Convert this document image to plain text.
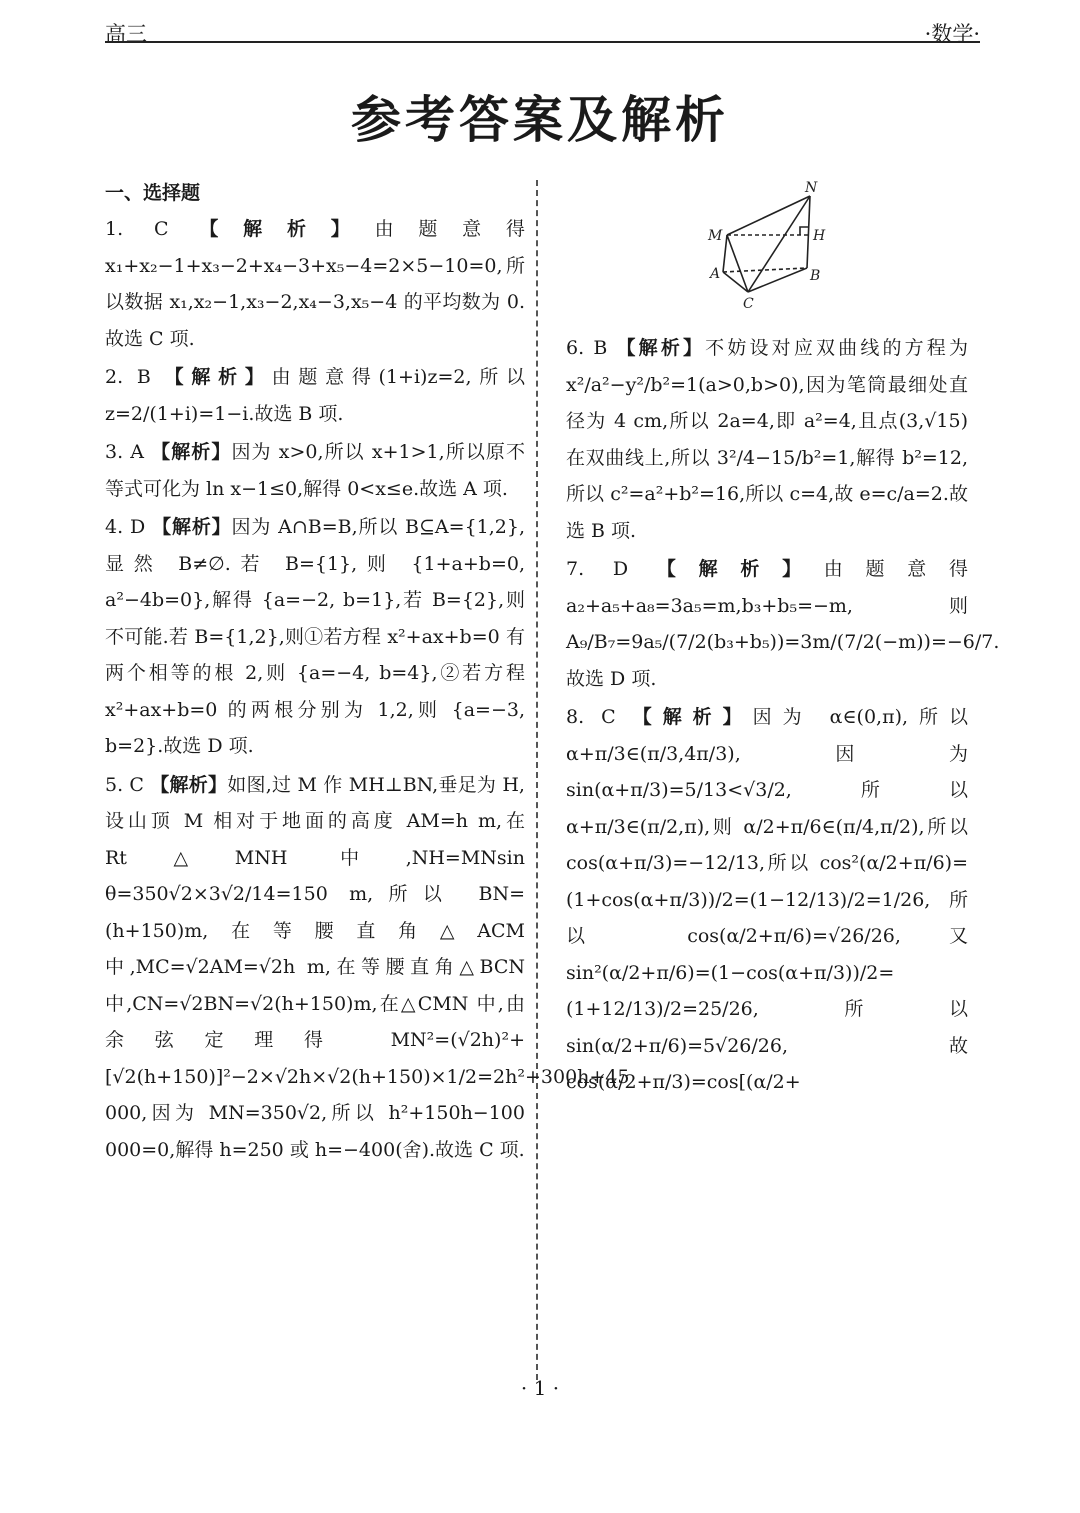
高三	·数学·
参考答案及解析
一、选择题

1. C 【解析】由题意得 x₁+x₂−1+x₃−2+x₄−3+x₅−4=2×5−10=0,所以数据 x₁,x₂−1,x₃−2,x₄−3,x₅−4 的平均数为 0.故选 C 项.

2. B 【解析】由题意得(1+i)z=2,所以 z=2/(1+i)=1−i.故选 B 项.

3. A 【解析】因为 x>0,所以 x+1>1,所以原不等式可化为 ln x−1≤0,解得 0<x≤e.故选 A 项.

4. D 【解析】因为 A∩B=B,所以 B⊆A={1,2},显然 B≠∅.若 B={1},则 {1+a+b=0, a²−4b=0},解得 {a=−2, b=1},若 B={2},则不可能.若 B={1,2},则①若方程 x²+ax+b=0 有两个相等的根 2,则 {a=−4, b=4},②若方程 x²+ax+b=0 的两根分别为 1,2,则 {a=−3, b=2}.故选 D 项.

5. C 【解析】如图,过 M 作 MH⊥BN,垂足为 H,设山顶 M 相对于地面的高度 AM=h m,在 Rt△MNH 中,NH=MNsin θ=350√2×3√2/14=150 m,所以 BN=(h+150)m,在等腰直角△ACM 中,MC=√2AM=√2h m,在等腰直角△BCN 中,CN=√2BN=√2(h+150)m,在△CMN 中,由余弦定理得 MN²=(√2h)²+[√2(h+150)]²−2×√2h×√2(h+150)×1/2=2h²+300h+45 000,因为 MN=350√2,所以 h²+150h−100 000=0,解得 h=250 或 h=−400(舍).故选 C 项.

N
M	H
A	B
C

6. B 【解析】不妨设对应双曲线的方程为 x²/a²−y²/b²=1(a>0,b>0),因为笔筒最细处直径为 4 cm,所以 2a=4,即 a²=4,且点(3,√15)在双曲线上,所以 3²/4−15/b²=1,解得 b²=12,所以 c²=a²+b²=16,所以 c=4,故 e=c/a=2.故选 B 项.

7. D 【解析】由题意得 a₂+a₅+a₈=3a₅=m,b₃+b₅=−m,则 A₉/B₇=9a₅/(7/2(b₃+b₅))=3m/(7/2(−m))=−6/7.故选 D 项.

8. C 【解析】因为 α∈(0,π),所以 α+π/3∈(π/3,4π/3),因为 sin(α+π/3)=5/13<√3/2,所以 α+π/3∈(π/2,π),则 α/2+π/6∈(π/4,π/2),所以 cos(α+π/3)=−12/13,所以 cos²(α/2+π/6)=(1+cos(α+π/3))/2=(1−12/13)/2=1/26,所以 cos(α/2+π/6)=√26/26,又 sin²(α/2+π/6)=(1−cos(α+π/3))/2=(1+12/13)/2=25/26,所以 sin(α/2+π/6)=5√26/26,故 cos(α/2+π/3)=cos[(α/2+

· 1 ·
